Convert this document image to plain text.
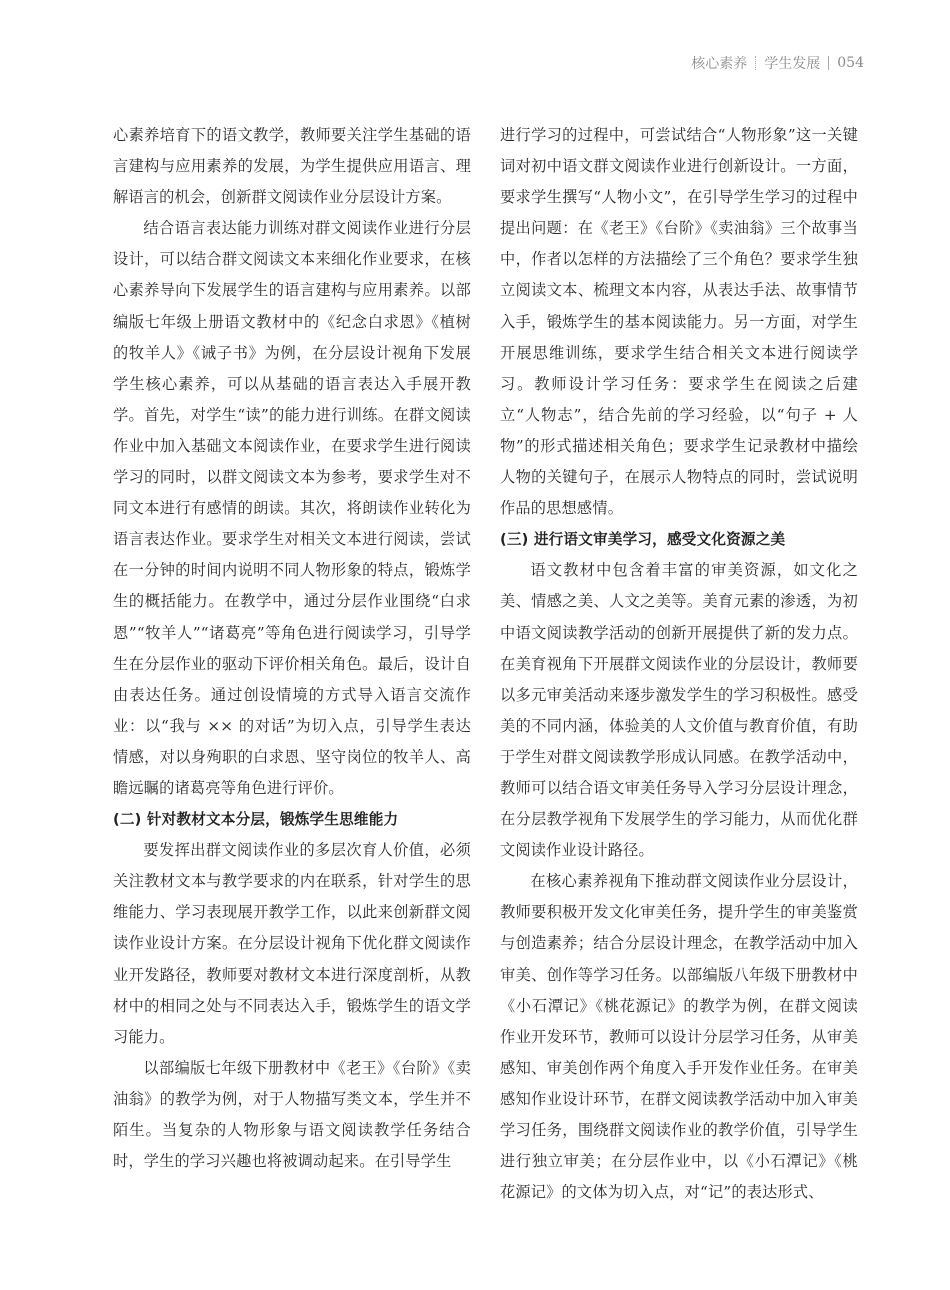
核心素养 学生发展 054

心素养培育下的语文教学，教师要关注学生基础的语言建构与应用素养的发展，为学生提供应用语言、理解语言的机会，创新群文阅读作业分层设计方案。

结合语言表达能力训练对群文阅读作业进行分层设计，可以结合群文阅读文本来细化作业要求，在核心素养导向下发展学生的语言建构与应用素养。以部编版七年级上册语文教材中的《纪念白求恩》《植树的牧羊人》《诫子书》为例，在分层设计视角下发展学生核心素养，可以从基础的语言表达入手展开教学。首先，对学生“读”的能力进行训练。在群文阅读作业中加入基础文本阅读作业，在要求学生进行阅读学习的同时，以群文阅读文本为参考，要求学生对不同文本进行有感情的朗读。其次，将朗读作业转化为语言表达作业。要求学生对相关文本进行阅读，尝试在一分钟的时间内说明不同人物形象的特点，锻炼学生的概括能力。在教学中，通过分层作业围绕“白求恩”“牧羊人”“诸葛亮”等角色进行阅读学习，引导学生在分层作业的驱动下评价相关角色。最后，设计自由表达任务。通过创设情境的方式导入语言交流作业：以“我与 ×× 的对话”为切入点，引导学生表达情感，对以身殉职的白求恩、坚守岗位的牧羊人、高瞻远瞩的诸葛亮等角色进行评价。

(二) 针对教材文本分层，锻炼学生思维能力

要发挥出群文阅读作业的多层次育人价值，必须关注教材文本与教学要求的内在联系，针对学生的思维能力、学习表现展开教学工作，以此来创新群文阅读作业设计方案。在分层设计视角下优化群文阅读作业开发路径，教师要对教材文本进行深度剖析，从教材中的相同之处与不同表达入手，锻炼学生的语文学习能力。

以部编版七年级下册教材中《老王》《台阶》《卖油翁》的教学为例，对于人物描写类文本，学生并不陌生。当复杂的人物形象与语文阅读教学任务结合时，学生的学习兴趣也将被调动起来。在引导学生

进行学习的过程中，可尝试结合“人物形象”这一关键词对初中语文群文阅读作业进行创新设计。一方面，要求学生撰写“人物小文”，在引导学生学习的过程中提出问题：在《老王》《台阶》《卖油翁》三个故事当中，作者以怎样的方法描绘了三个角色？要求学生独立阅读文本、梳理文本内容，从表达手法、故事情节入手，锻炼学生的基本阅读能力。另一方面，对学生开展思维训练，要求学生结合相关文本进行阅读学习。教师设计学习任务：要求学生在阅读之后建立“人物志”，结合先前的学习经验，以“句子 + 人物”的形式描述相关角色；要求学生记录教材中描绘人物的关键句子，在展示人物特点的同时，尝试说明作品的思想感情。

(三) 进行语文审美学习，感受文化资源之美

语文教材中包含着丰富的审美资源，如文化之美、情感之美、人文之美等。美育元素的渗透，为初中语文阅读教学活动的创新开展提供了新的发力点。在美育视角下开展群文阅读作业的分层设计，教师要以多元审美活动来逐步激发学生的学习积极性。感受美的不同内涵，体验美的人文价值与教育价值，有助于学生对群文阅读教学形成认同感。在教学活动中，教师可以结合语文审美任务导入学习分层设计理念，在分层教学视角下发展学生的学习能力，从而优化群文阅读作业设计路径。

在核心素养视角下推动群文阅读作业分层设计，教师要积极开发文化审美任务，提升学生的审美鉴赏与创造素养；结合分层设计理念，在教学活动中加入审美、创作等学习任务。以部编版八年级下册教材中《小石潭记》《桃花源记》的教学为例，在群文阅读作业开发环节，教师可以设计分层学习任务，从审美感知、审美创作两个角度入手开发作业任务。在审美感知作业设计环节，在群文阅读教学活动中加入审美学习任务，围绕群文阅读作业的教学价值，引导学生进行独立审美；在分层作业中，以《小石潭记》《桃花源记》的文体为切入点，对“记”的表达形式、
